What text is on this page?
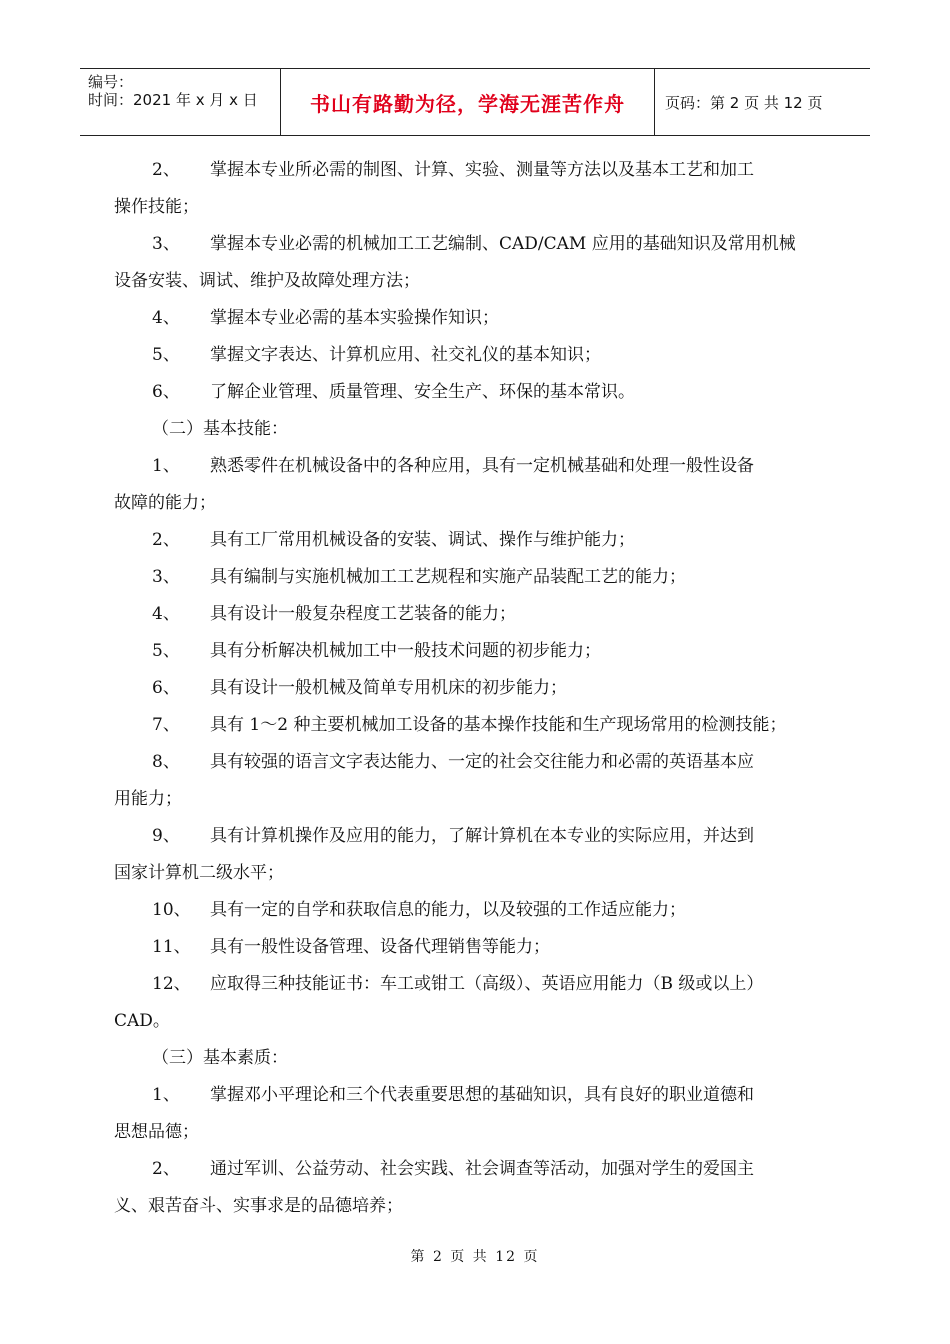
编号：
时间：2021 年 x 月 x 日	书山有路勤为径，学海无涯苦作舟	页码：第 2 页 共 12 页

2、 掌握本专业所必需的制图、计算、实验、测量等方法以及基本工艺和加工

操作技能；

3、 掌握本专业必需的机械加工工艺编制、CAD/CAM 应用的基础知识及常用机械

设备安装、调试、维护及故障处理方法；

4、 掌握本专业必需的基本实验操作知识；

5、 掌握文字表达、计算机应用、社交礼仪的基本知识；

6、 了解企业管理、质量管理、安全生产、环保的基本常识。

（二）基本技能：

1、 熟悉零件在机械设备中的各种应用，具有一定机械基础和处理一般性设备

故障的能力；

2、 具有工厂常用机械设备的安装、调试、操作与维护能力；

3、 具有编制与实施机械加工工艺规程和实施产品装配工艺的能力；

4、 具有设计一般复杂程度工艺装备的能力；

5、 具有分析解决机械加工中一般技术问题的初步能力；

6、 具有设计一般机械及简单专用机床的初步能力；

7、 具有 1～2 种主要机械加工设备的基本操作技能和生产现场常用的检测技能；

8、 具有较强的语言文字表达能力、一定的社会交往能力和必需的英语基本应

用能力；

9、 具有计算机操作及应用的能力，了解计算机在本专业的实际应用，并达到

国家计算机二级水平；

10、 具有一定的自学和获取信息的能力，以及较强的工作适应能力；

11、 具有一般性设备管理、设备代理销售等能力；

12、 应取得三种技能证书：车工或钳工（高级）、英语应用能力（B 级或以上）

CAD。

（三）基本素质：

1、 掌握邓小平理论和三个代表重要思想的基础知识，具有良好的职业道德和

思想品德；

2、 通过军训、公益劳动、社会实践、社会调查等活动，加强对学生的爱国主

义、艰苦奋斗、实事求是的品德培养；

第 2 页 共 12 页
